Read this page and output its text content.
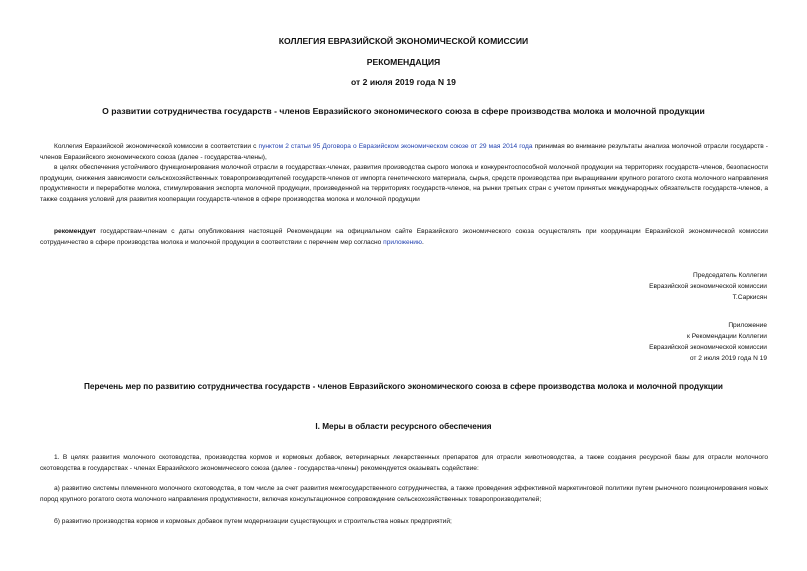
КОЛЛЕГИЯ ЕВРАЗИЙСКОЙ ЭКОНОМИЧЕСКОЙ КОМИССИИ
РЕКОМЕНДАЦИЯ
от 2 июля 2019 года N 19
О развитии сотрудничества государств - членов Евразийского экономического союза в сфере производства молока и молочной продукции
Коллегия Евразийской экономической комиссии в соответствии с пунктом 2 статьи 95 Договора о Евразийском экономическом союзе от 29 мая 2014 года принимая во внимание результаты анализа молочной отрасли государств - членов Евразийского экономического союза (далее - государства-члены),
в целях обеспечения устойчивого функционирования молочной отрасли в государствах-членах, развития производства сырого молока и конкурентоспособной молочной продукции на территориях государств-членов, безопасности продукции, снижения зависимости сельскохозяйственных товаропроизводителей государств-членов от импорта генетического материала, сырья, средств производства при выращивании крупного рогатого скота молочного направления продуктивности и переработке молока, стимулирования экспорта молочной продукции, произведенной на территориях государств-членов, на рынки третьих стран с учетом принятых международных обязательств государств-членов, а также создания условий для развития кооперации государств-членов в сфере производства молока и молочной продукции
рекомендует государствам-членам с даты опубликования настоящей Рекомендации на официальном сайте Евразийского экономического союза осуществлять при координации Евразийской экономической комиссии сотрудничество в сфере производства молока и молочной продукции в соответствии с перечнем мер согласно приложению.
Председатель Коллегии
Евразийской экономической комиссии
Т.Саркисян
Приложение
к Рекомендации Коллегии
Евразийской экономической комиссии
от 2 июля 2019 года N 19
Перечень мер по развитию сотрудничества государств - членов Евразийского экономического союза в сфере производства молока и молочной продукции
I. Меры в области ресурсного обеспечения
1. В целях развития молочного скотоводства, производства кормов и кормовых добавок, ветеринарных лекарственных препаратов для отрасли животноводства, а также создания ресурсной базы для отрасли молочного скотоводства в государствах - членах Евразийского экономического союза (далее - государства-члены) рекомендуется оказывать содействие:
а) развитию системы племенного молочного скотоводства, в том числе за счет развития межгосударственного сотрудничества, а также проведения эффективной маркетинговой политики путем рыночного позиционирования новых пород крупного рогатого скота молочного направления продуктивности, включая консультационное сопровождение сельскохозяйственных товаропроизводителей;
б) развитию производства кормов и кормовых добавок путем модернизации существующих и строительства новых предприятий;
